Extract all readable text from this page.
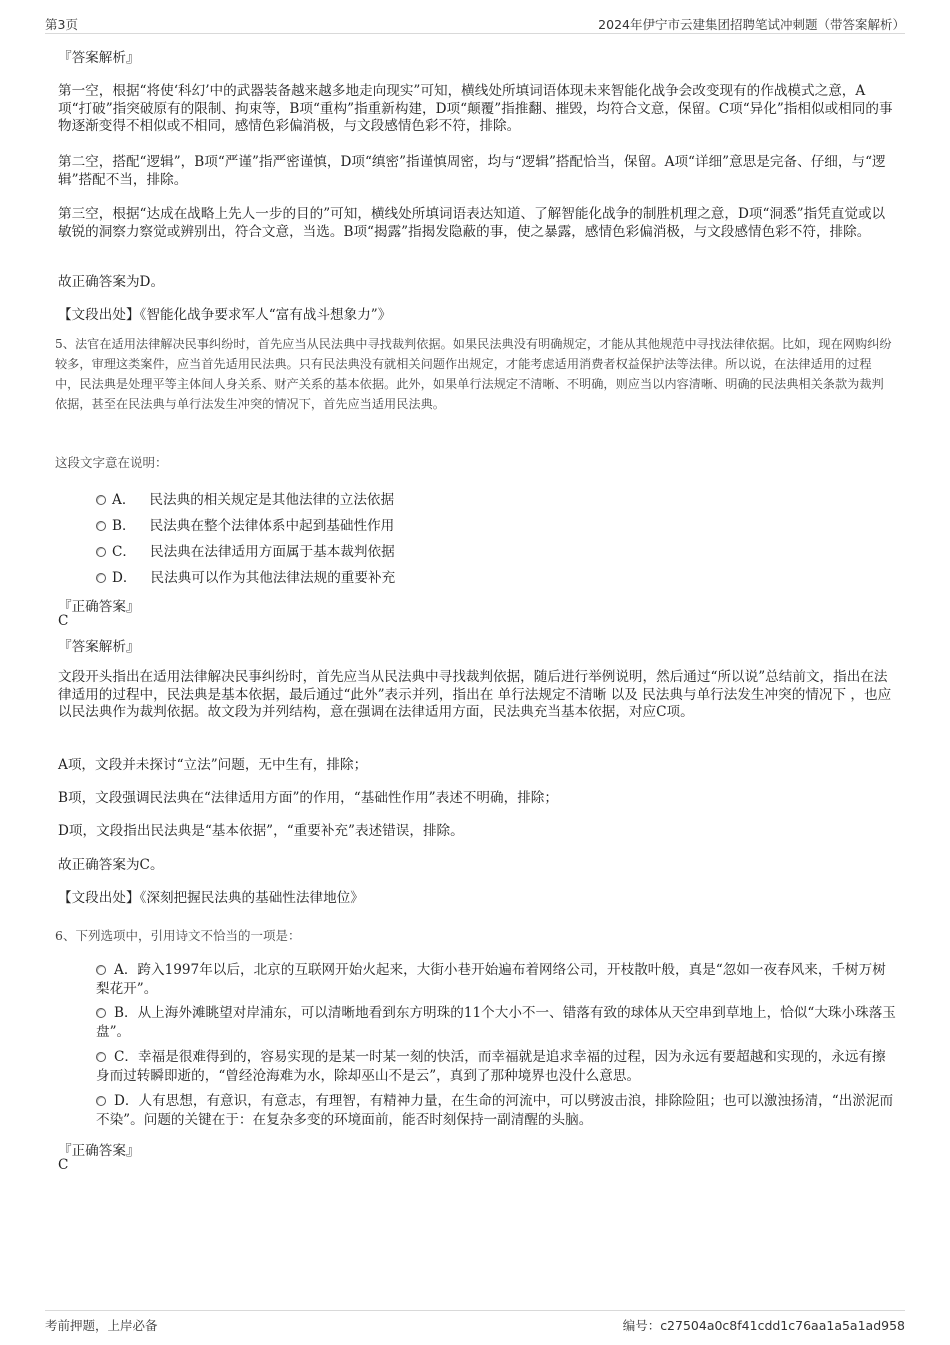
第3页	2024年伊宁市云建集团招聘笔试冲刺题（带答案解析）
『答案解析』
第一空，根据“将使‘科幻’中的武器装备越来越多地走向现实”可知，横线处所填词语体现未来智能化战争会改变现有的作战模式之意，A项“打破”指突破原有的限制、拘束等，B项“重构”指重新构建，D项“颠覆”指推翻、摧毁，均符合文意，保留。C项“异化”指相似或相同的事物逐渐变得不相似或不相同，感情色彩偏消极，与文段感情色彩不符，排除。
第二空，搭配“逻辑”，B项“严谨”指严密谨慎，D项“缜密”指谨慎周密，均与“逻辑”搭配恰当，保留。A项“详细”意思是完备、仔细，与“逻辑”搭配不当，排除。
第三空，根据“达成在战略上先人一步的目的”可知，横线处所填词语表达知道、了解智能化战争的制胜机理之意，D项“洞悉”指凭直觉或以敏锐的洞察力察觉或辨别出，符合文意，当选。B项“揭露”指揭发隐蔽的事，使之暴露，感情色彩偏消极，与文段感情色彩不符，排除。
故正确答案为D。
【文段出处】《智能化战争要求军人“富有战斗想象力”》
5、法官在适用法律解决民事纠纷时，首先应当从民法典中寻找裁判依据。如果民法典没有明确规定，才能从其他规范中寻找法律依据。比如，现在网购纠纷较多，审理这类案件，应当首先适用民法典。只有民法典没有就相关问题作出规定，才能考虑适用消费者权益保护法等法律。所以说，在法律适用的过程中，民法典是处理平等主体间人身关系、财产关系的基本依据。此外，如果单行法规定不清晰、不明确，则应当以内容清晰、明确的民法典相关条款为裁判依据，甚至在民法典与单行法发生冲突的情况下，首先应当适用民法典。
这段文字意在说明：
A． 民法典的相关规定是其他法律的立法依据
B． 民法典在整个法律体系中起到基础性作用
C． 民法典在法律适用方面属于基本裁判依据
D． 民法典可以作为其他法律法规的重要补充
『正确答案』
C
『答案解析』
文段开头指出在适用法律解决民事纠纷时，首先应当从民法典中寻找裁判依据，随后进行举例说明，然后通过“所以说”总结前文，指出在法律适用的过程中，民法典是基本依据，最后通过“此外”表示并列，指出在 单行法规定不清晰 以及 民法典与单行法发生冲突的情况下 ，也应以民法典作为裁判依据。故文段为并列结构，意在强调在法律适用方面，民法典充当基本依据，对应C项。
A项，文段并未探讨“立法”问题，无中生有，排除；
B项，文段强调民法典在“法律适用方面”的作用，“基础性作用”表述不明确，排除；
D项，文段指出民法典是“基本依据”，“重要补充”表述错误，排除。
故正确答案为C。
【文段出处】《深刻把握民法典的基础性法律地位》
6、下列选项中，引用诗文不恰当的一项是：
A．跨入1997年以后，北京的互联网开始火起来，大街小巷开始遍布着网络公司，开枝散叶般，真是“忽如一夜春风来，千树万树梨花开”。
B．从上海外滩眺望对岸浦东，可以清晰地看到东方明珠的11个大小不一、错落有致的球体从天空串到草地上，恰似“大珠小珠落玉盘”。
C．幸福是很难得到的，容易实现的是某一时某一刻的快活，而幸福就是追求幸福的过程，因为永远有要超越和实现的，永远有擦身而过转瞬即逝的，“曾经沧海难为水，除却巫山不是云”，真到了那种境界也没什么意思。
D．人有思想，有意识，有意志，有理智，有精神力量，在生命的河流中，可以劈波击浪，排除险阻；也可以激浊扬清，“出淤泥而不染”。问题的关键在于：在复杂多变的环境面前，能否时刻保持一副清醒的头脑。
『正确答案』
C
考前押题，上岸必备	编号：c27504a0c8f41cdd1c76aa1a5a1ad958
